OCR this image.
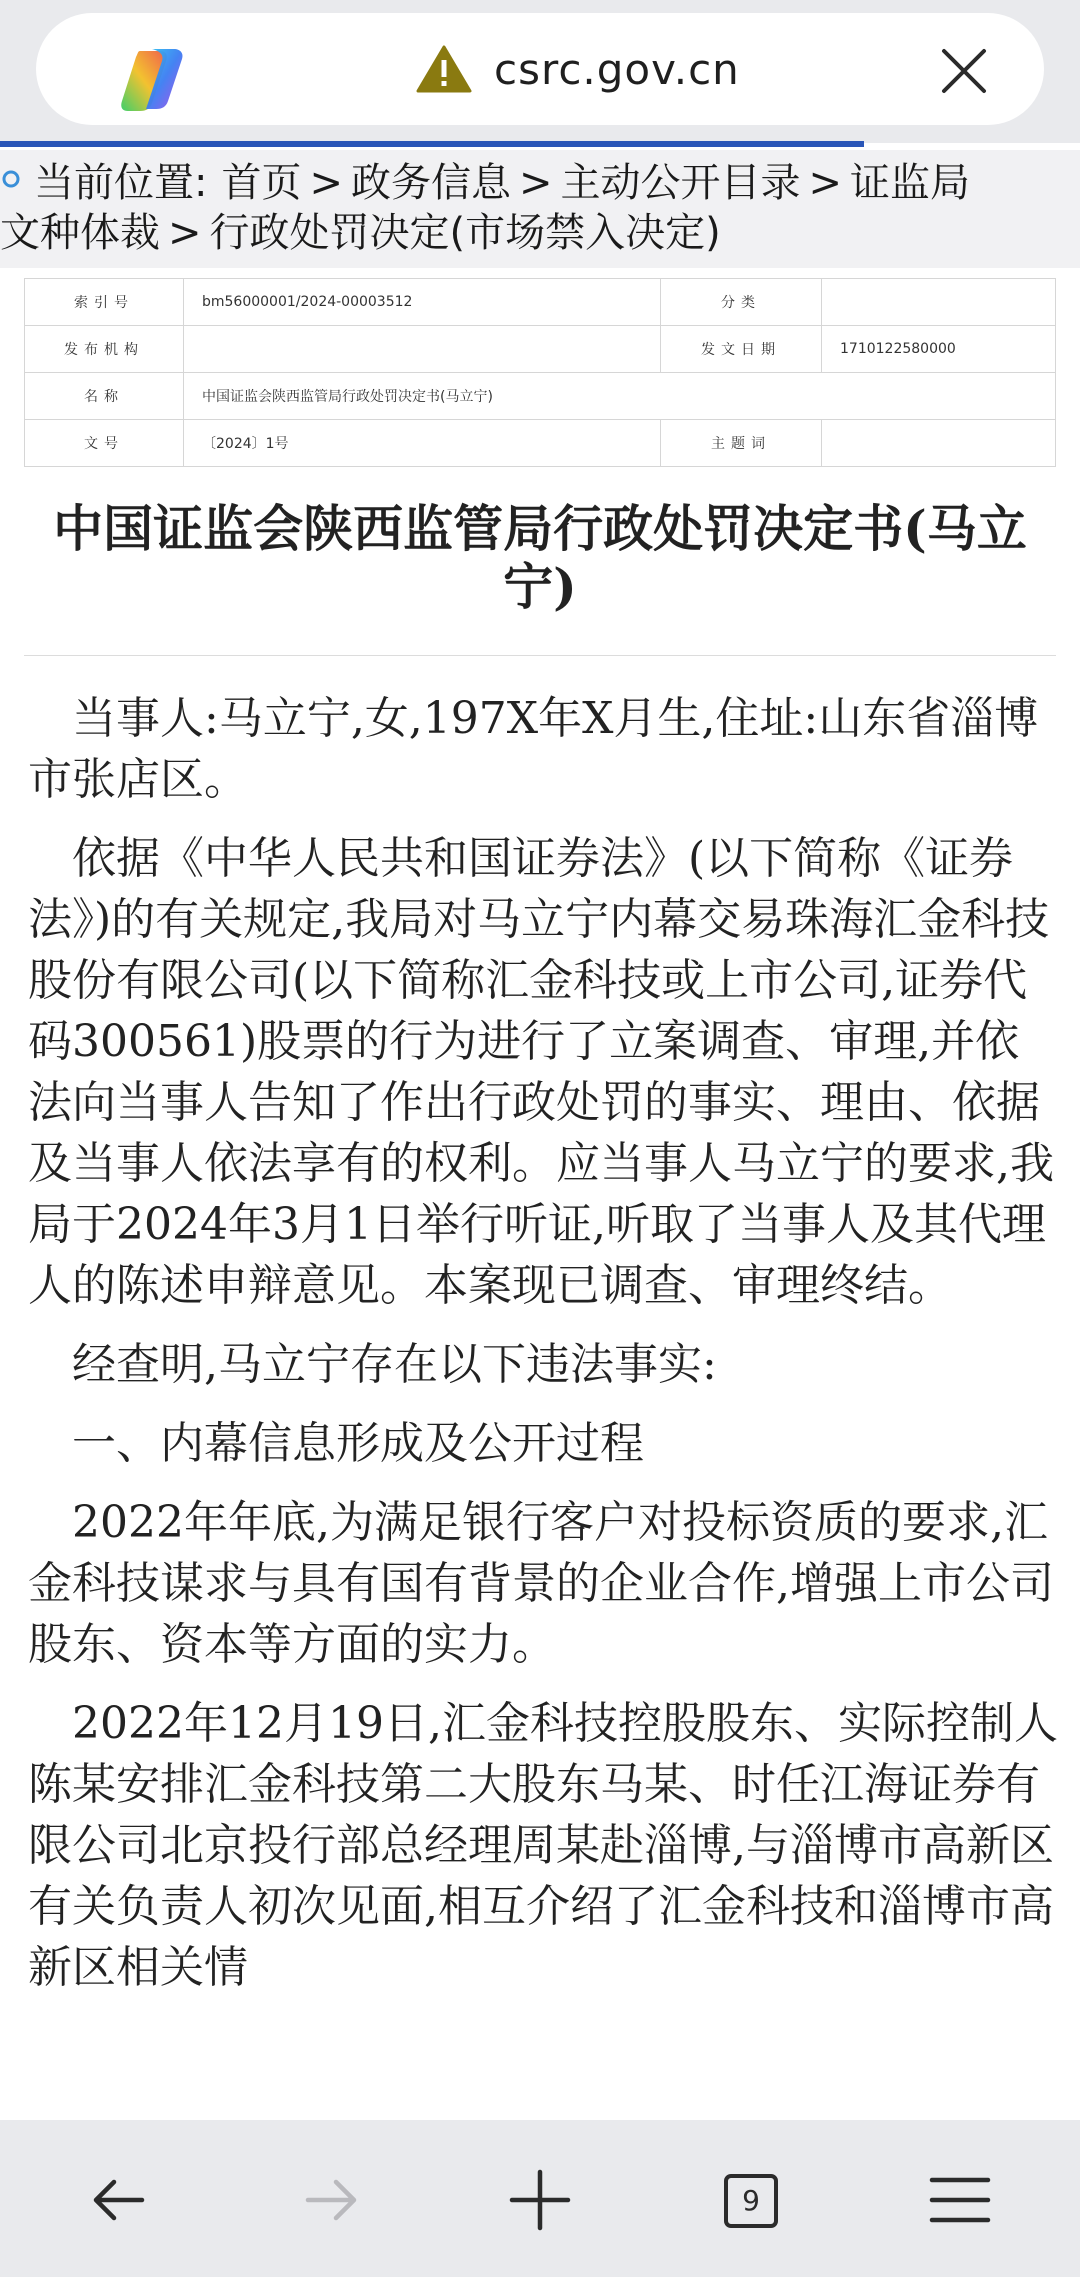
csrc.gov.cn
当前位置: 首页 > 政务信息 > 主动公开目录 > 证监局
文种体裁 > 行政处罚决定(市场禁入决定)
索引号	bm56000001/2024-00003512	分类	
发布机构		发文日期	1710122580000
名称	中国证监会陕西监管局行政处罚决定书(马立宁)		
文号	〔2024〕1号	主题词	
中国证监会陕西监管局行政处罚决定书(马立宁)

当事人:马立宁,女,197X年X月生,住址:山东省淄博市张店区。

依据《中华人民共和国证券法》(以下简称《证券法》)的有关规定,我局对马立宁内幕交易珠海汇金科技股份有限公司(以下简称汇金科技或上市公司,证券代码300561)股票的行为进行了立案调查、审理,并依法向当事人告知了作出行政处罚的事实、理由、依据及当事人依法享有的权利。应当事人马立宁的要求,我局于2024年3月1日举行听证,听取了当事人及其代理人的陈述申辩意见。本案现已调查、审理终结。

经查明,马立宁存在以下违法事实:

一、内幕信息形成及公开过程

2022年年底,为满足银行客户对投标资质的要求,汇金科技谋求与具有国有背景的企业合作,增强上市公司股东、资本等方面的实力。

2022年12月19日,汇金科技控股股东、实际控制人陈某安排汇金科技第二大股东马某、时任江海证券有限公司北京投行部总经理周某赴淄博,与淄博市高新区有关负责人初次见面,相互介绍了汇金科技和淄博市高新区相关情

9
